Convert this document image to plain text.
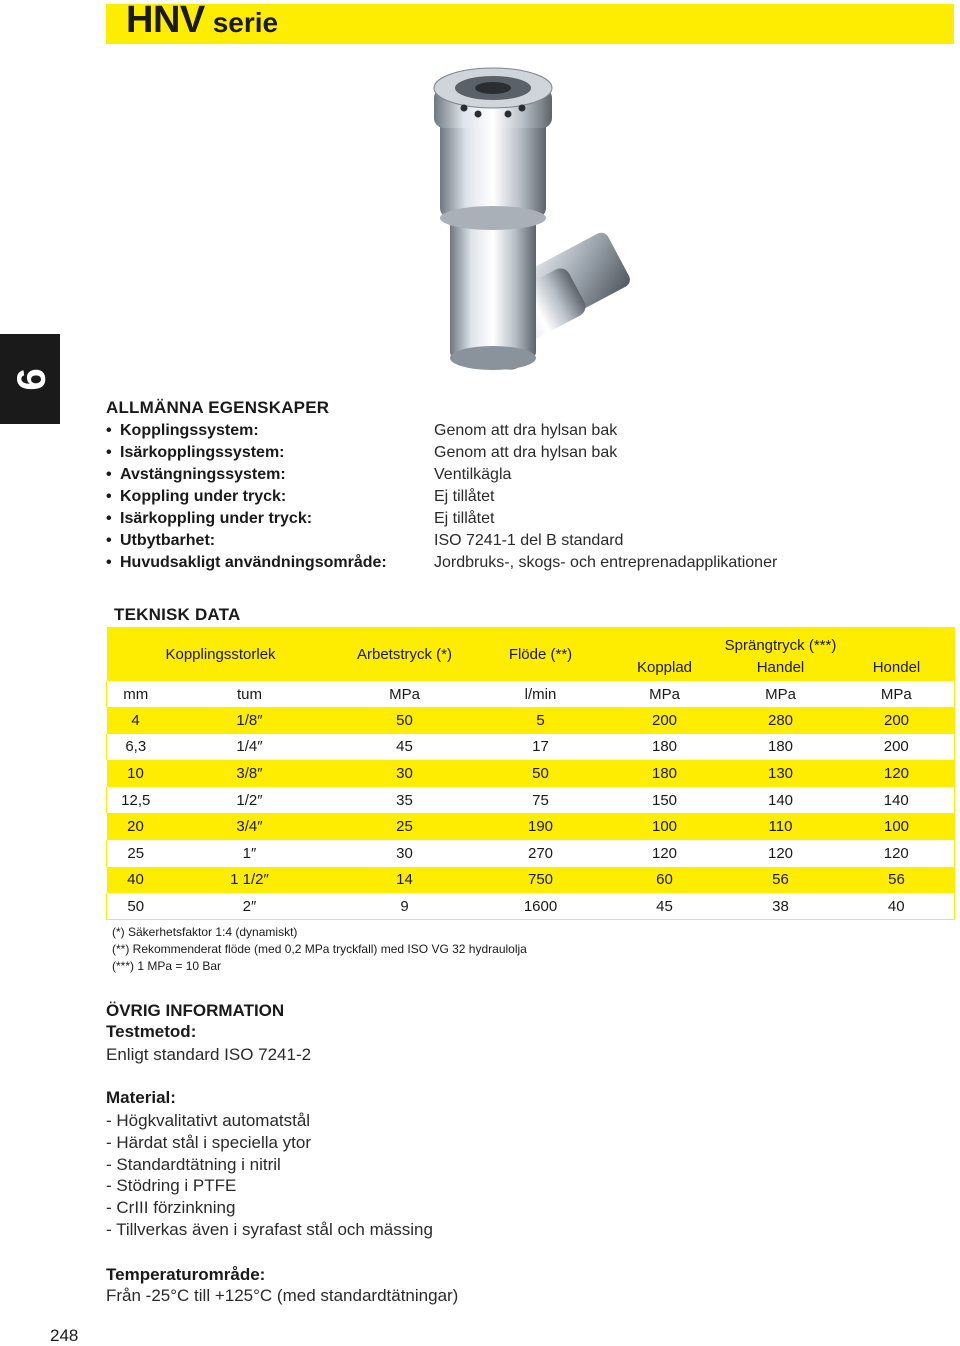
HNV serie
9
ALLMÄNNA EGENSKAPER
• Kopplingssystem:	Genom att dra hylsan bak
• Isärkopplingssystem:	Genom att dra hylsan bak
• Avstängningssystem:	Ventilkägla
• Koppling under tryck:	Ej tillåtet
• Isärkoppling under tryck:	Ej tillåtet
• Utbytbarhet:	ISO 7241-1 del B standard
• Huvudsakligt användningsområde:	Jordbruks-, skogs- och entreprenadapplikationer
TEKNISK DATA
Kopplingsstorlek		Arbetstryck (*)	Flöde (**)	Sprängtryck (***)		
				Kopplad	Handel	Hondel
mm	tum	MPa	l/min	MPa	MPa	MPa
4	1/8″	50	5	200	280	200
6,3	1/4″	45	17	180	180	200
10	3/8″	30	50	180	130	120
12,5	1/2″	35	75	150	140	140
20	3/4″	25	190	100	110	100
25	1″	30	270	120	120	120
40	1 1/2″	14	750	60	56	56
50	2″	9	1600	45	38	40
(*) Säkerhetsfaktor 1:4 (dynamiskt)
(**) Rekommenderat flöde (med 0,2 MPa tryckfall) med ISO VG 32 hydraulolja
(***) 1 MPa = 10 Bar
ÖVRIG INFORMATION
Testmetod:
Enligt standard ISO 7241-2
Material:
- Högkvalitativt automatstål
- Härdat stål i speciella ytor
- Standardtätning i nitril
- Stödring i PTFE
- CrIII förzinkning
- Tillverkas även i syrafast stål och mässing
Temperaturområde:
Från -25°C till +125°C (med standardtätningar)
248
